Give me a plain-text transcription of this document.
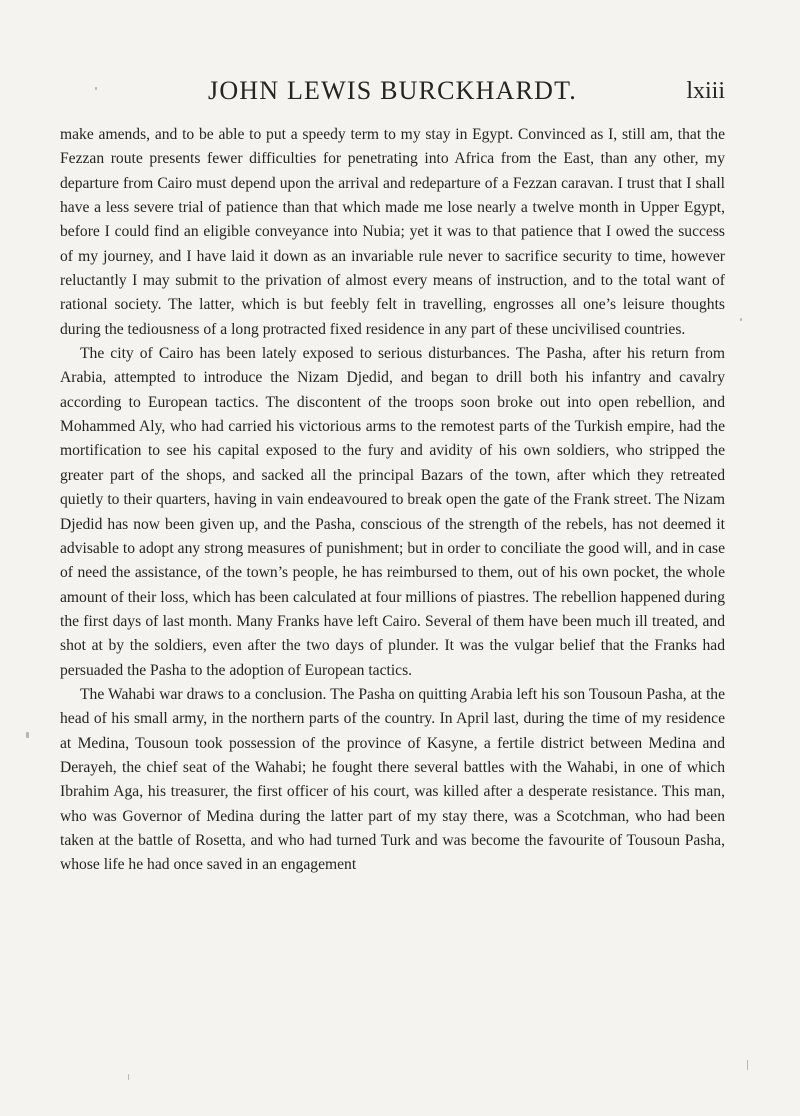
JOHN LEWIS BURCKHARDT.	lxiii

make amends, and to be able to put a speedy term to my stay in Egypt. Convinced as I, still am, that the Fezzan route presents fewer difficulties for penetrating into Africa from the East, than any other, my departure from Cairo must depend upon the arrival and redeparture of a Fezzan caravan. I trust that I shall have a less severe trial of patience than that which made me lose nearly a twelve month in Upper Egypt, before I could find an eligible conveyance into Nubia; yet it was to that patience that I owed the success of my journey, and I have laid it down as an invariable rule never to sacrifice security to time, however reluctantly I may submit to the privation of almost every means of instruction, and to the total want of rational society. The latter, which is but feebly felt in travelling, engrosses all one’s leisure thoughts during the tediousness of a long protracted fixed residence in any part of these uncivilised countries.

The city of Cairo has been lately exposed to serious disturbances. The Pasha, after his return from Arabia, attempted to introduce the Nizam Djedid, and began to drill both his infantry and cavalry according to European tactics. The discontent of the troops soon broke out into open rebellion, and Mohammed Aly, who had carried his victorious arms to the remotest parts of the Turkish empire, had the mortification to see his capital exposed to the fury and avidity of his own soldiers, who stripped the greater part of the shops, and sacked all the principal Bazars of the town, after which they retreated quietly to their quarters, having in vain endeavoured to break open the gate of the Frank street. The Nizam Djedid has now been given up, and the Pasha, conscious of the strength of the rebels, has not deemed it advisable to adopt any strong measures of punishment; but in order to conciliate the good will, and in case of need the assistance, of the town’s people, he has reimbursed to them, out of his own pocket, the whole amount of their loss, which has been calculated at four millions of piastres. The rebellion happened during the first days of last month. Many Franks have left Cairo. Several of them have been much ill treated, and shot at by the soldiers, even after the two days of plunder. It was the vulgar belief that the Franks had persuaded the Pasha to the adoption of European tactics.

The Wahabi war draws to a conclusion. The Pasha on quitting Arabia left his son Tousoun Pasha, at the head of his small army, in the northern parts of the country. In April last, during the time of my residence at Medina, Tousoun took possession of the province of Kasyne, a fertile district between Medina and Derayeh, the chief seat of the Wahabi; he fought there several battles with the Wahabi, in one of which Ibrahim Aga, his treasurer, the first officer of his court, was killed after a desperate resistance. This man, who was Governor of Medina during the latter part of my stay there, was a Scotchman, who had been taken at the battle of Rosetta, and who had turned Turk and was become the favourite of Tousoun Pasha, whose life he had once saved in an engagement
